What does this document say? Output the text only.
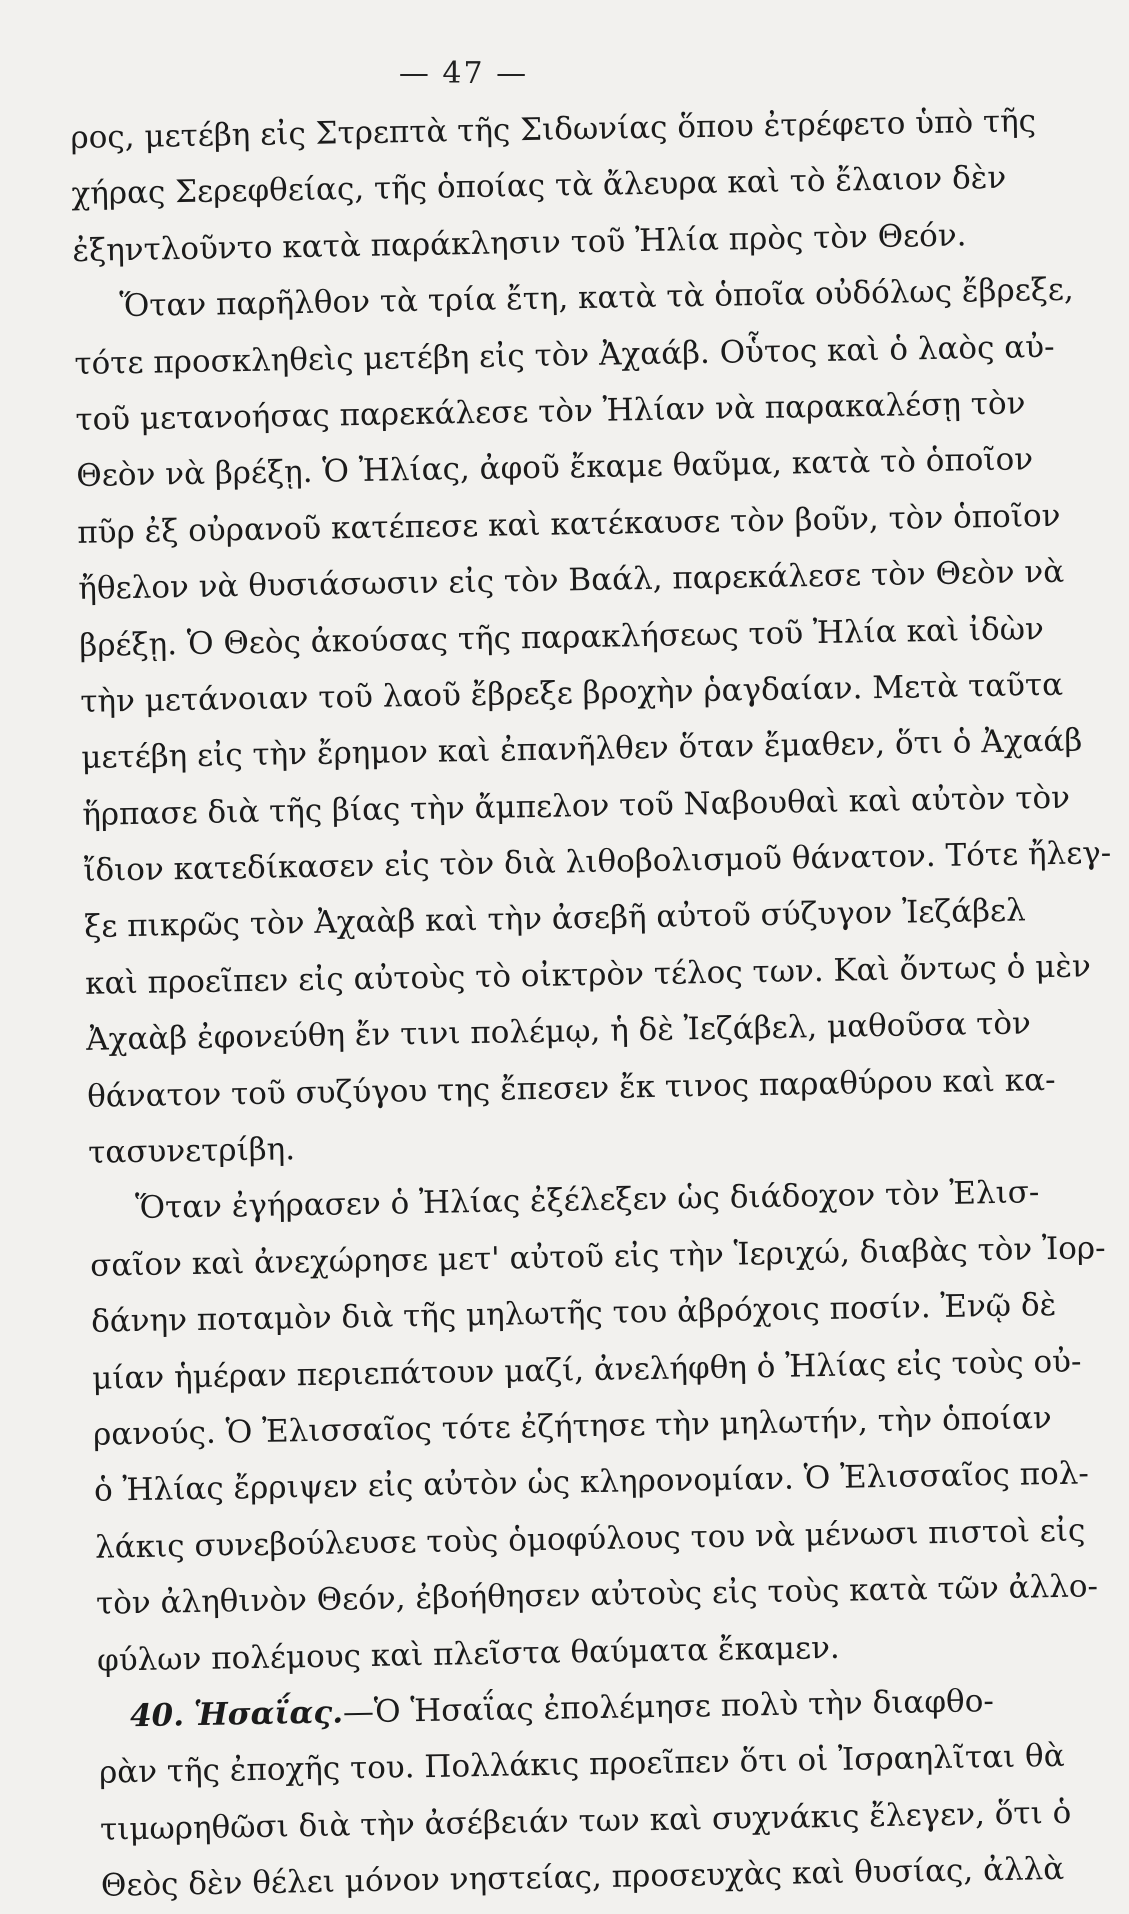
— 47 —
ρος, μετέβη εἰς Στρεπτὰ τῆς Σιδωνίας ὅπου ἐτρέφετο ὑπὸ τῆς
χήρας Σερεφθείας, τῆς ὁποίας τὰ ἄλευρα καὶ τὸ ἔλαιον δὲν
ἐξηντλοῦντο κατὰ παράκλησιν τοῦ Ἠλία πρὸς τὸν Θεόν.
Ὅταν παρῆλθον τὰ τρία ἔτη, κατὰ τὰ ὁποῖα οὐδόλως ἔβρεξε,
τότε προσκληθεὶς μετέβη εἰς τὸν Ἀχαάβ. Οὗτος καὶ ὁ λαὸς αὐ-
τοῦ μετανοήσας παρεκάλεσε τὸν Ἠλίαν νὰ παρακαλέσῃ τὸν
Θεὸν νὰ βρέξῃ. Ὁ Ἠλίας, ἀφοῦ ἔκαμε θαῦμα, κατὰ τὸ ὁποῖον
πῦρ ἐξ οὐρανοῦ κατέπεσε καὶ κατέκαυσε τὸν βοῦν, τὸν ὁποῖον
ἤθελον νὰ θυσιάσωσιν εἰς τὸν Βαάλ, παρεκάλεσε τὸν Θεὸν νὰ
βρέξῃ. Ὁ Θεὸς ἀκούσας τῆς παρακλήσεως τοῦ Ἠλία καὶ ἰδὼν
τὴν μετάνοιαν τοῦ λαοῦ ἔβρεξε βροχὴν ῥαγδαίαν. Μετὰ ταῦτα
μετέβη εἰς τὴν ἔρημον καὶ ἐπανῆλθεν ὅταν ἔμαθεν, ὅτι ὁ Ἀχαάβ
ἥρπασε διὰ τῆς βίας τὴν ἄμπελον τοῦ Ναβουθαὶ καὶ αὐτὸν τὸν
ἴδιον κατεδίκασεν εἰς τὸν διὰ λιθοβολισμοῦ θάνατον. Τότε ἤλεγ-
ξε πικρῶς τὸν Ἀχαὰβ καὶ τὴν ἀσεβῆ αὐτοῦ σύζυγον Ἰεζάβελ
καὶ προεῖπεν εἰς αὐτοὺς τὸ οἰκτρὸν τέλος των. Καὶ ὄντως ὁ μὲν
Ἀχαὰβ ἐφονεύθη ἔν τινι πολέμῳ, ἡ δὲ Ἰεζάβελ, μαθοῦσα τὸν
θάνατον τοῦ συζύγου της ἔπεσεν ἔκ τινος παραθύρου καὶ κα-
τασυνετρίβη.
Ὅταν ἐγήρασεν ὁ Ἠλίας ἐξέλεξεν ὡς διάδοχον τὸν Ἐλισ-
σαῖον καὶ ἀνεχώρησε μετ' αὐτοῦ εἰς τὴν Ἱεριχώ, διαβὰς τὸν Ἰορ-
δάνην ποταμὸν διὰ τῆς μηλωτῆς του ἀβρόχοις ποσίν. Ἐνῷ δὲ
μίαν ἡμέραν περιεπάτουν μαζί, ἀνελήφθη ὁ Ἠλίας εἰς τοὺς οὐ-
ρανούς. Ὁ Ἐλισσαῖος τότε ἐζήτησε τὴν μηλωτήν, τὴν ὁποίαν
ὁ Ἠλίας ἔρριψεν εἰς αὐτὸν ὡς κληρονομίαν. Ὁ Ἐλισσαῖος πολ-
λάκις συνεβούλευσε τοὺς ὁμοφύλους του νὰ μένωσι πιστοὶ εἰς
τὸν ἀληθινὸν Θεόν, ἐβοήθησεν αὐτοὺς εἰς τοὺς κατὰ τῶν ἀλλο-
φύλων πολέμους καὶ πλεῖστα θαύματα ἔκαμεν.
40. Ἡσαΐας.—Ὁ Ἡσαΐας ἐπολέμησε πολὺ τὴν διαφθο-
ρὰν τῆς ἐποχῆς του. Πολλάκις προεῖπεν ὅτι οἱ Ἰσραηλῖται θὰ
τιμωρηθῶσι διὰ τὴν ἀσέβειάν των καὶ συχνάκις ἔλεγεν, ὅτι ὁ
Θεὸς δὲν θέλει μόνον νηστείας, προσευχὰς καὶ θυσίας, ἀλλὰ
